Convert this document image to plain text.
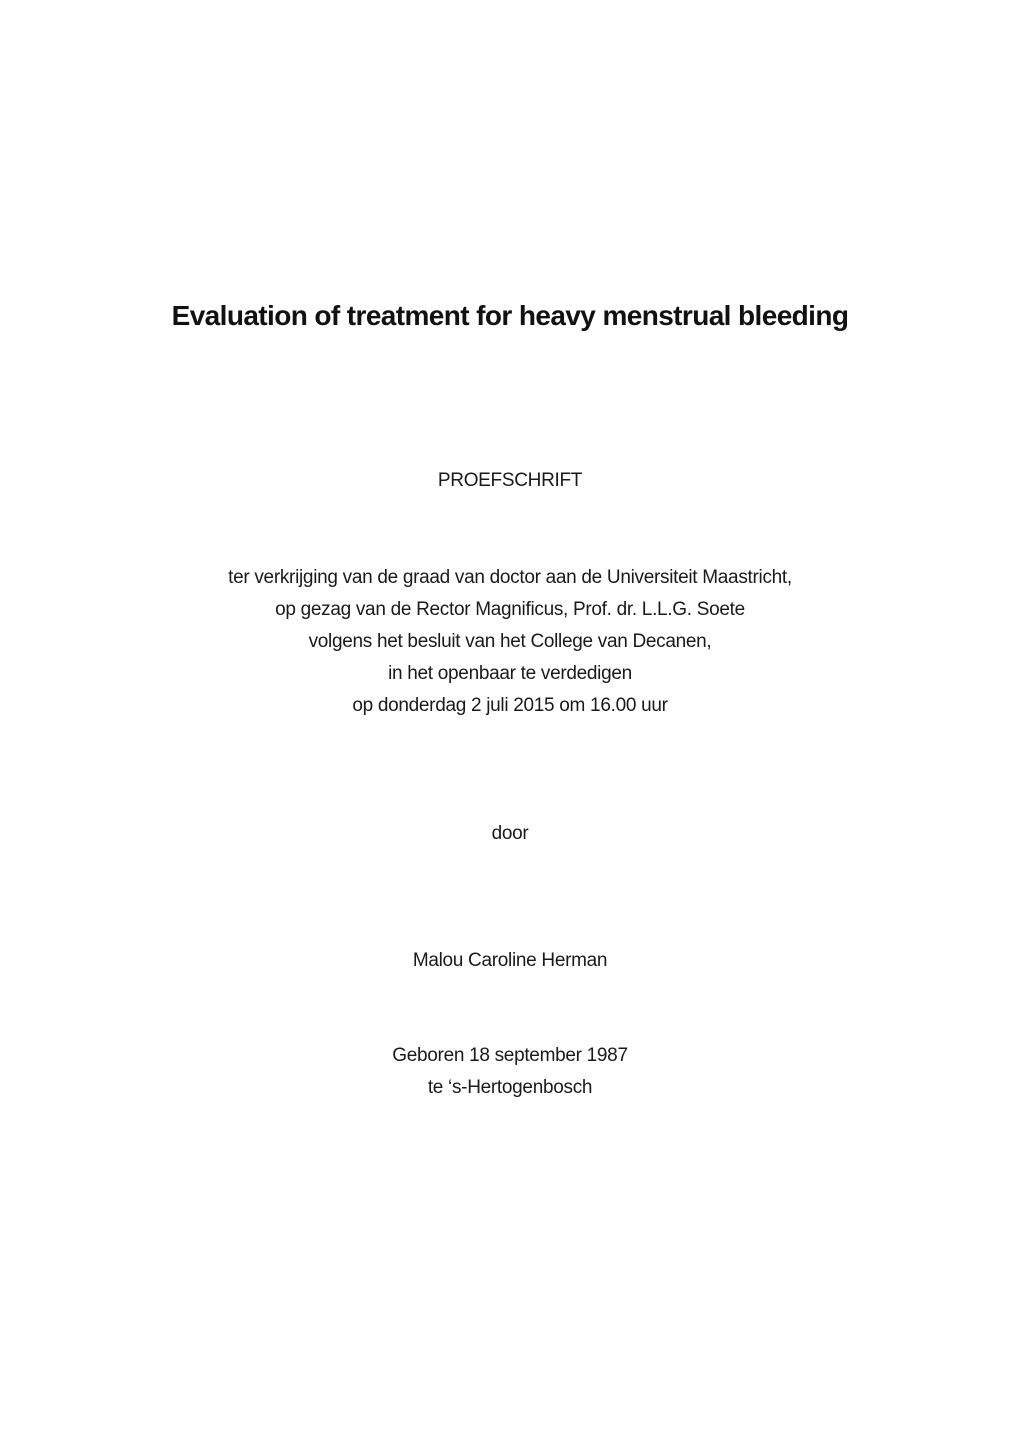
Evaluation of treatment for heavy menstrual bleeding
PROEFSCHRIFT
ter verkrijging van de graad van doctor aan de Universiteit Maastricht,
op gezag van de Rector Magnificus, Prof. dr. L.L.G. Soete
volgens het besluit van het College van Decanen,
in het openbaar te verdedigen
op donderdag 2 juli 2015 om 16.00 uur
door
Malou Caroline Herman
Geboren 18 september 1987
te ‘s-Hertogenbosch
